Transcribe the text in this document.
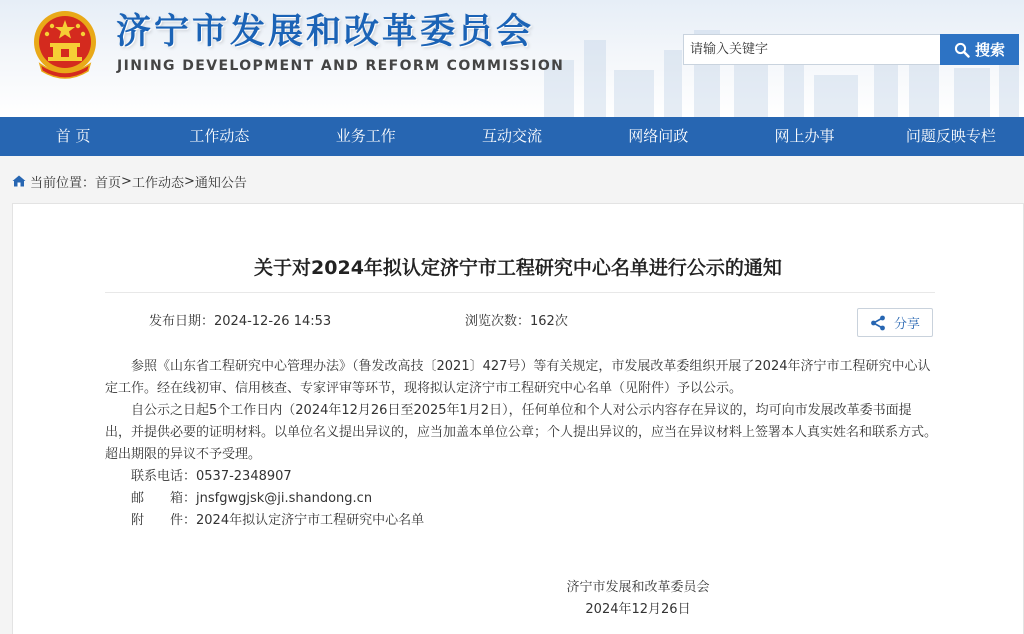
济宁市发展和改革委员会
JINING DEVELOPMENT AND REFORM COMMISSION
请输入关键字
搜索
首 页	工作动态	业务工作	互动交流	网络问政	网上办事	问题反映专栏
当前位置： 首页 > 工作动态 > 通知公告
关于对2024年拟认定济宁市工程研究中心名单进行公示的通知
发布日期：2024-12-26 14:53	浏览次数：162次	分享

参照《山东省工程研究中心管理办法》（鲁发改高技〔2021〕427号）等有关规定，市发展改革委组织开展了2024年济宁市工程研究中心认定工作。经在线初审、信用核查、专家评审等环节，现将拟认定济宁市工程研究中心名单（见附件）予以公示。

自公示之日起5个工作日内（2024年12月26日至2025年1月2日），任何单位和个人对公示内容存在异议的，均可向市发展改革委书面提出，并提供必要的证明材料。以单位名义提出异议的，应当加盖本单位公章；个人提出异议的，应当在异议材料上签署本人真实姓名和联系方式。超出期限的异议不予受理。

联系电话：0537-2348907
邮　　箱：jnsfgwgjsk@ji.shandong.cn
附　　件：2024年拟认定济宁市工程研究中心名单
济宁市发展和改革委员会
2024年12月26日
